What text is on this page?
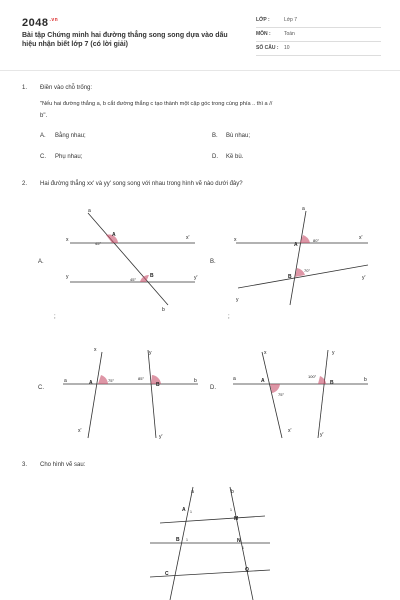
$2048^{.vn}$
Bài tập Chứng minh hai đường thẳng song song dựa vào dấu hiệu nhận biết lớp 7 (có lời giải)
LỚP :	Lớp 7
MÔN :	Toán
SỐ CÂU : 10
1. Điền vào chỗ trống:
"Nếu hai đường thẳng a, b cắt đường thẳng c tạo thành một cặp góc trong cùng phía .. thì a //
b".
A. Bằng nhau;	B. Bù nhau;
C. Phụ nhau;	D. Kề bù.
2. Hai đường thẳng xx' và yy' song song với nhau trong hình vẽ nào dưới đây?
A.	B.
C.	D.
;	;
a
b
x	x'
y	y'
A
B
45°
45°
a
x	x'
y
y'
A
B
80°
70°
a	b
x
x'
y
y'
A	B
75°	85°	a	b
x
x'
y
y'
A	B
75°
100°
3. Cho hình vẽ sau:
a	b
A
M
B	N
C
Q
1	1
1
1
